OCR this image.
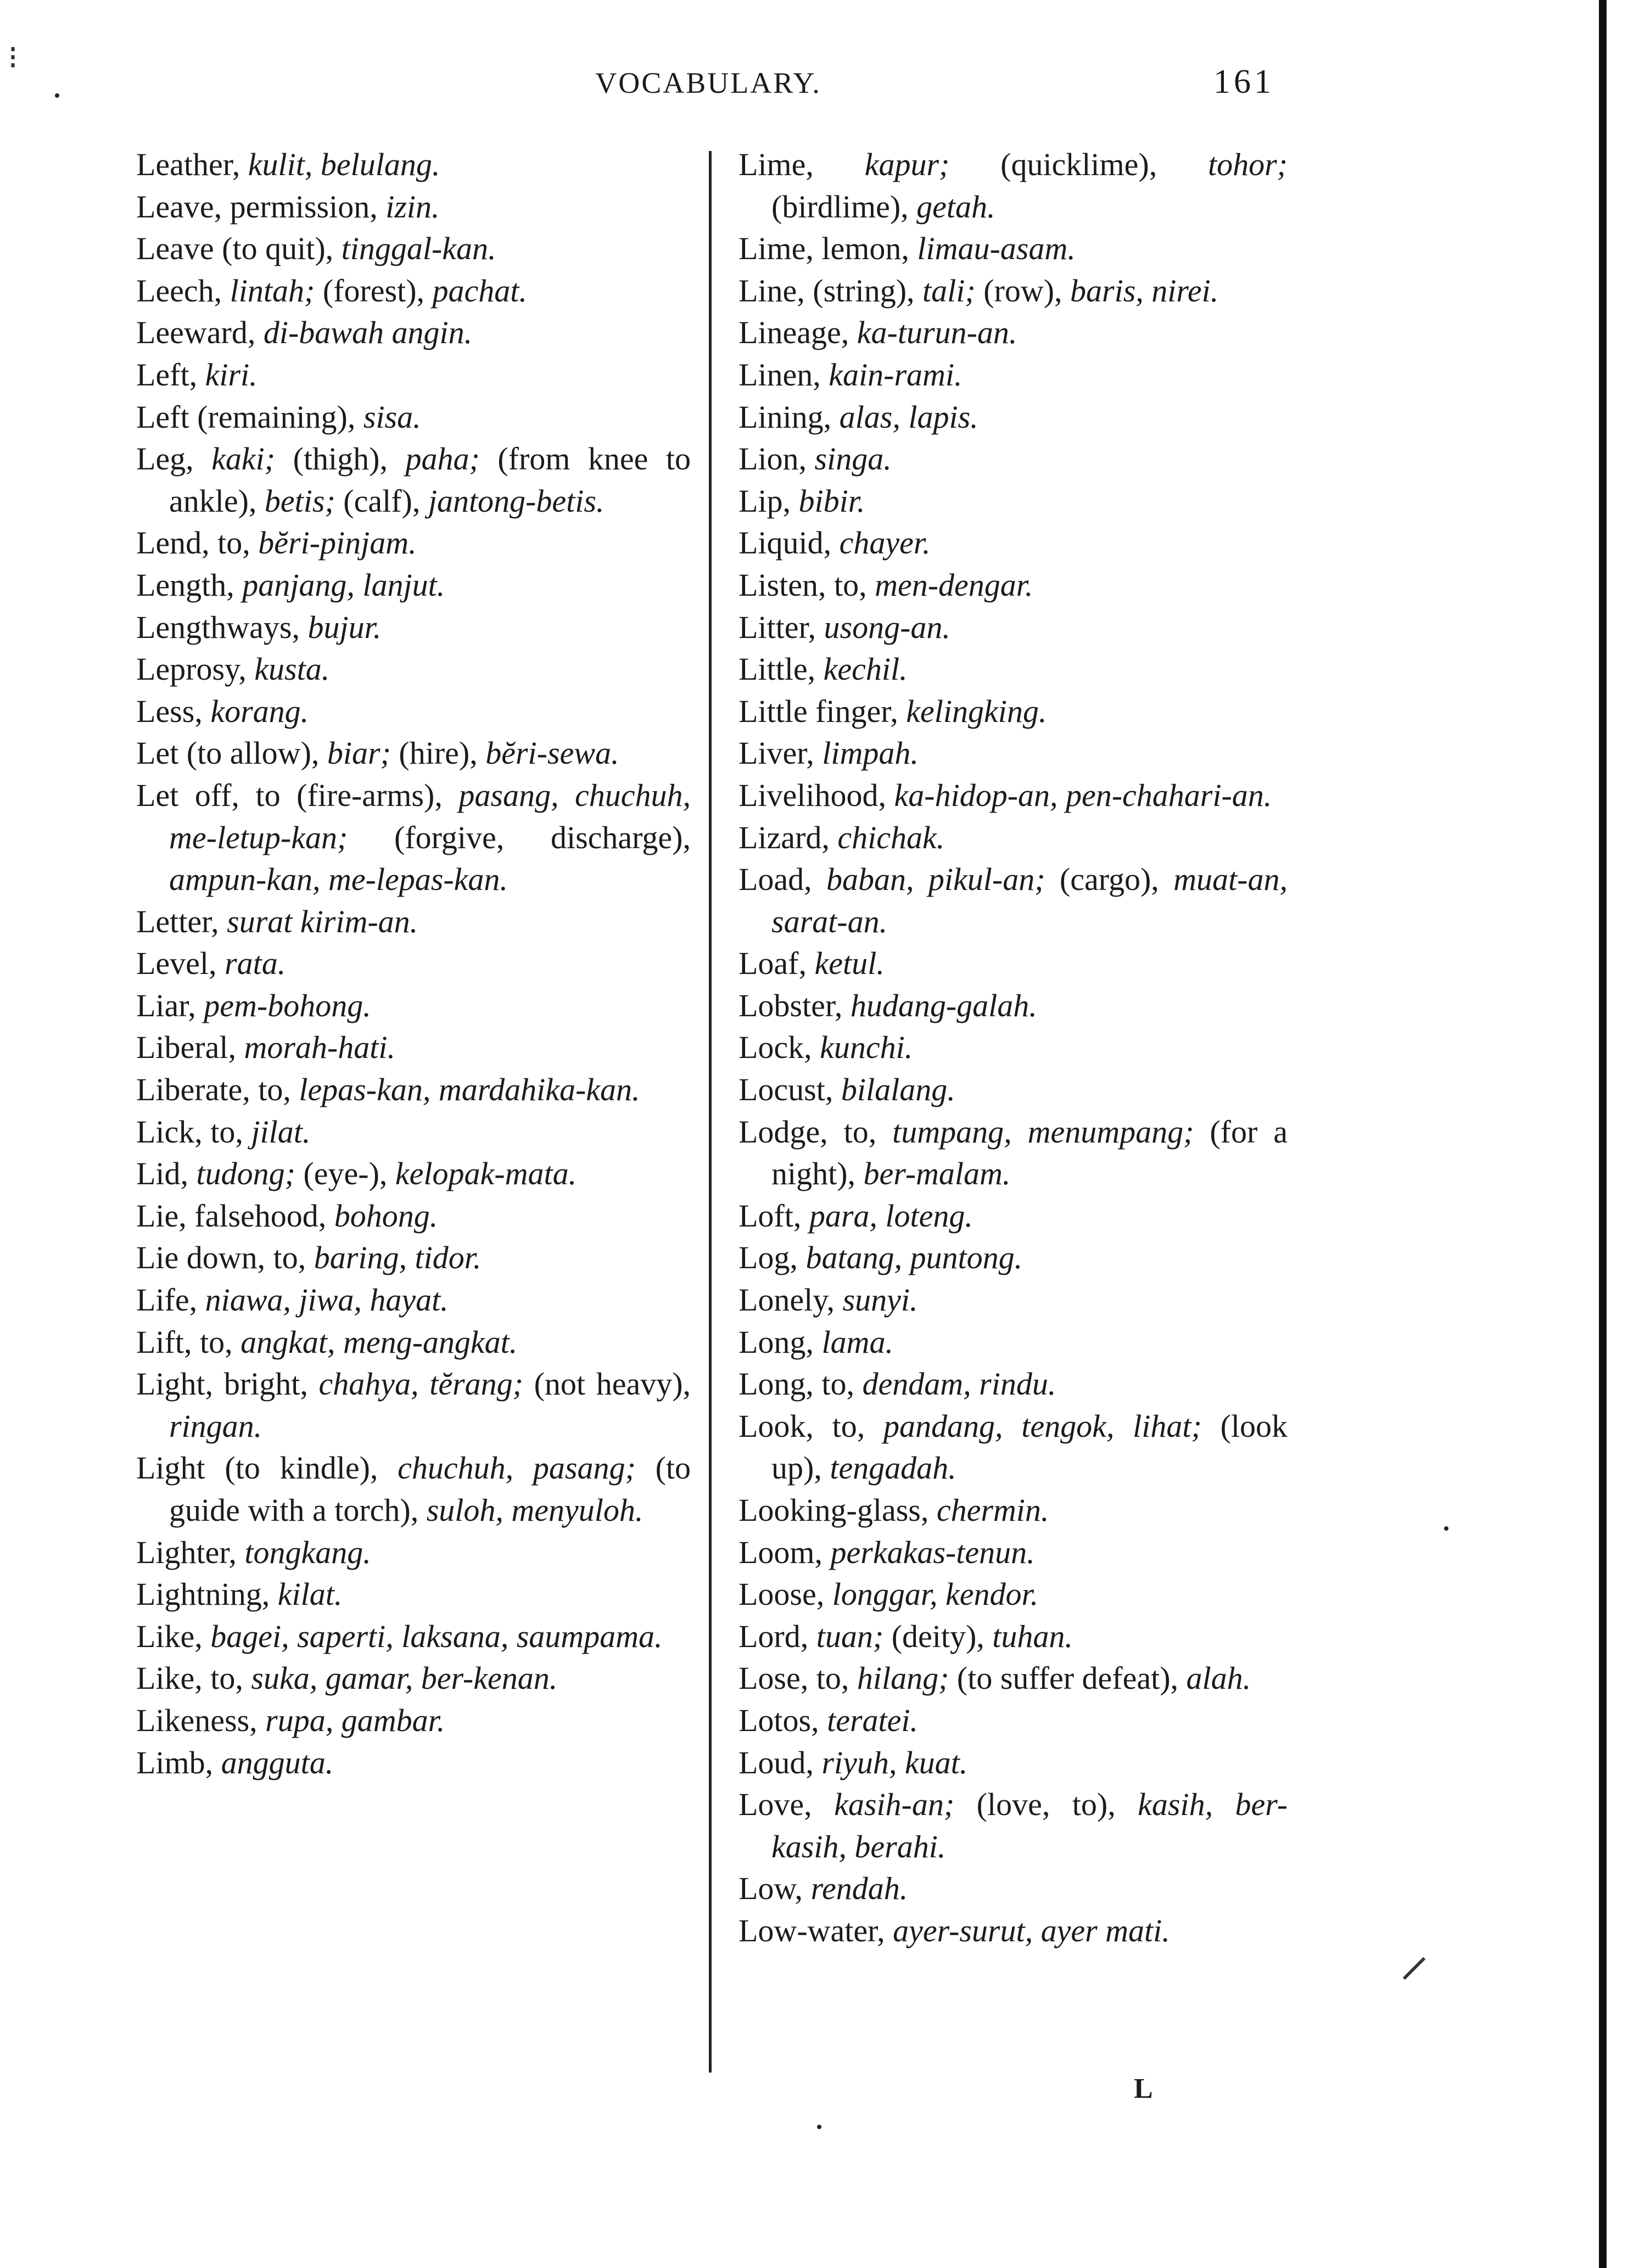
⁝
⸝
VOCABULARY.	161
Leather, kulit, belulang.
Leave, permission, izin.
Leave (to quit), tinggal-kan.
Leech, lintah; (forest), pachat.
Leeward, di-bawah angin.
Left, kiri.
Left (remaining), sisa.
Leg, kaki; (thigh), paha; (from knee to ankle), betis; (calf), jantong-betis.
Lend, to, bĕri-pinjam.
Length, panjang, lanjut.
Lengthways, bujur.
Leprosy, kusta.
Less, korang.
Let (to allow), biar; (hire), bĕri-sewa.
Let off, to (fire-arms), pasang, chuchuh, me-letup-kan; (forgive, discharge), ampun-kan, me-lepas-kan.
Letter, surat kirim-an.
Level, rata.
Liar, pem-bohong.
Liberal, morah-hati.
Liberate, to, lepas-kan, mardahika-kan.
Lick, to, jilat.
Lid, tudong; (eye-), kelopak-mata.
Lie, falsehood, bohong.
Lie down, to, baring, tidor.
Life, niawa, jiwa, hayat.
Lift, to, angkat, meng-angkat.
Light, bright, chahya, tĕrang; (not heavy), ringan.
Light (to kindle), chuchuh, pasang; (to guide with a torch), suloh, menyuloh.
Lighter, tongkang.
Lightning, kilat.
Like, bagei, saperti, laksana, saumpama.
Like, to, suka, gamar, ber-kenan.
Likeness, rupa, gambar.
Limb, angguta.
Lime, kapur; (quicklime), tohor; (birdlime), getah.
Lime, lemon, limau-asam.
Line, (string), tali; (row), baris, nirei.
Lineage, ka-turun-an.
Linen, kain-rami.
Lining, alas, lapis.
Lion, singa.
Lip, bibir.
Liquid, chayer.
Listen, to, men-dengar.
Litter, usong-an.
Little, kechil.
Little finger, kelingking.
Liver, limpah.
Livelihood, ka-hidop-an, pen-chahari-an.
Lizard, chichak.
Load, baban, pikul-an; (cargo), muat-an, sarat-an.
Loaf, ketul.
Lobster, hudang-galah.
Lock, kunchi.
Locust, bilalang.
Lodge, to, tumpang, menumpang; (for a night), ber-malam.
Loft, para, loteng.
Log, batang, puntong.
Lonely, sunyi.
Long, lama.
Long, to, dendam, rindu.
Look, to, pandang, tengok, lihat; (look up), tengadah.
Looking-glass, chermin.
Loom, perkakas-tenun.
Loose, longgar, kendor.
Lord, tuan; (deity), tuhan.
Lose, to, hilang; (to suffer defeat), alah.
Lotos, teratei.
Loud, riyuh, kuat.
Love, kasih-an; (love, to), kasih, ber-kasih, berahi.
Low, rendah.
Low-water, ayer-surut, ayer mati.
L
